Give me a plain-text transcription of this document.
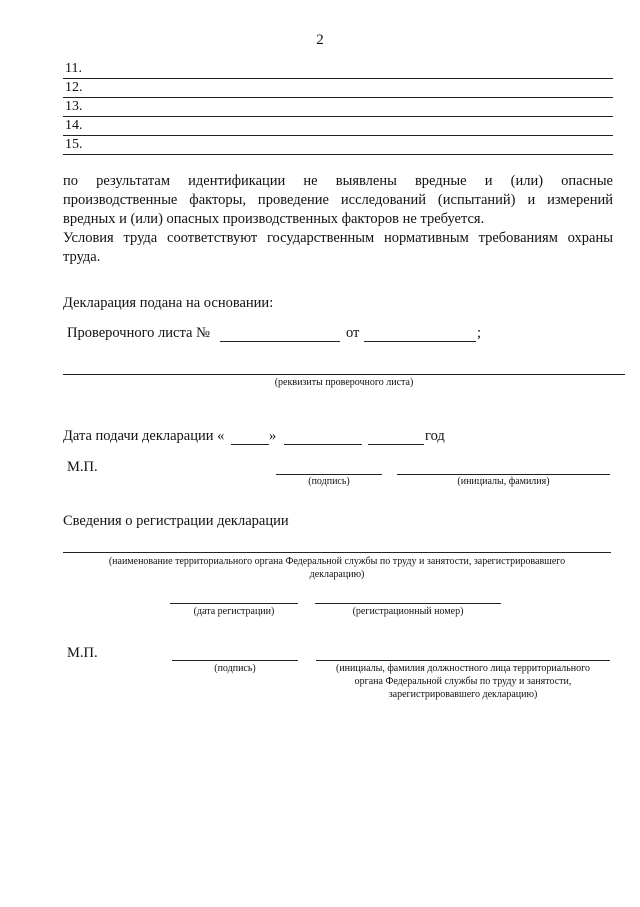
2
11.
12.
13.
14.
15.
по результатам идентификации не выявлены вредные и (или) опасные производственные факторы, проведение исследований (испытаний) и измерений вредных и (или) опасных производственных факторов не требуется.
Условия труда соответствуют государственным нормативным требованиям охраны труда.
Декларация подана на основании:
Проверочного листа №	от	;
(реквизиты проверочного листа)
Дата подачи декларации «	»	год
М.П.
(подпись)	(инициалы, фамилия)
Сведения о регистрации декларации
(наименование территориального органа Федеральной службы по труду и занятости, зарегистрировавшего
декларацию)
(дата регистрации)	(регистрационный номер)
М.П.
(подпись)	(инициалы, фамилия должностного лица территориального
органа Федеральной службы по труду и занятости,
зарегистрировавшего декларацию)
